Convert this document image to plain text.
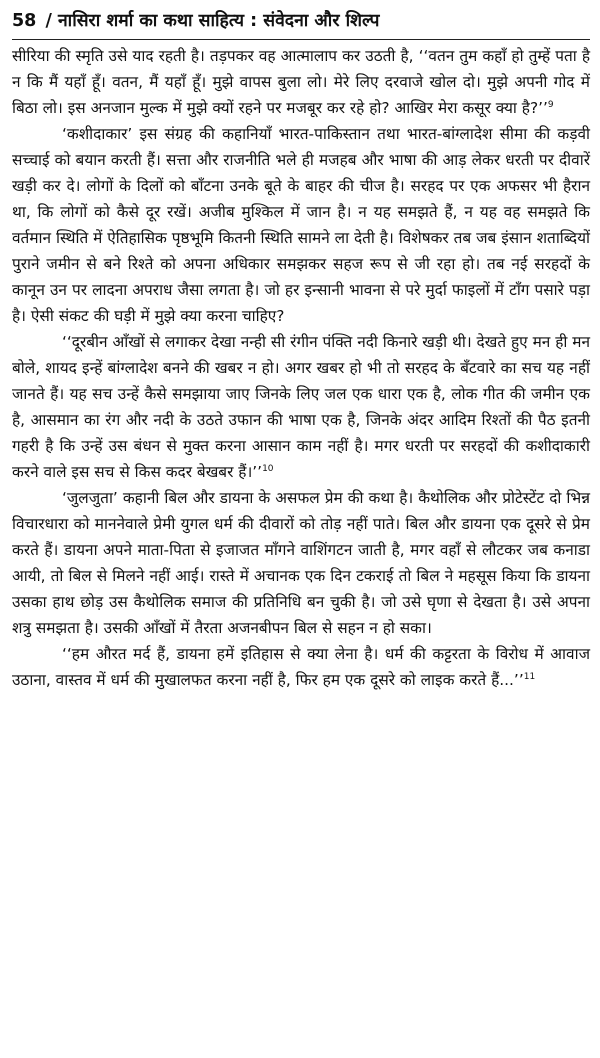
58 / नासिरा शर्मा का कथा साहित्य : संवेदना और शिल्प

सीरिया की स्मृति उसे याद रहती है। तड़पकर वह आत्मालाप कर उठती है, ‘‘वतन तुम कहाँ हो तुम्हें पता है न कि मैं यहाँ हूँ। वतन, मैं यहाँ हूँ। मुझे वापस बुला लो। मेरे लिए दरवाजे खोल दो। मुझे अपनी गोद में बिठा लो। इस अनजान मुल्क में मुझे क्यों रहने पर मजबूर कर रहे हो? आखिर मेरा कसूर क्या है?’’$^9$

‘कशीदाकार’ इस संग्रह की कहानियाँ भारत-पाकिस्तान तथा भारत-बांग्लादेश सीमा की कड़वी सच्चाई को बयान करती हैं। सत्ता और राजनीति भले ही मजहब और भाषा की आड़ लेकर धरती पर दीवारें खड़ी कर दे। लोगों के दिलों को बाँटना उनके बूते के बाहर की चीज है। सरहद पर एक अफसर भी हैरान था, कि लोगों को कैसे दूर रखें। अजीब मुश्किल में जान है। न यह समझते हैं, न यह वह समझते कि वर्तमान स्थिति में ऐतिहासिक पृष्ठभूमि कितनी स्थिति सामने ला देती है। विशेषकर तब जब इंसान शताब्दियों पुराने जमीन से बने रिश्ते को अपना अधिकार समझकर सहज रूप से जी रहा हो। तब नई सरहदों के कानून उन पर लादना अपराध जैसा लगता है। जो हर इन्सानी भावना से परे मुर्दा फाइलों में टाँग पसारे पड़ा है। ऐसी संकट की घड़ी में मुझे क्या करना चाहिए?

‘‘दूरबीन आँखों से लगाकर देखा नन्ही सी रंगीन पंक्ति नदी किनारे खड़ी थी। देखते हुए मन ही मन बोले, शायद इन्हें बांग्लादेश बनने की खबर न हो। अगर खबर हो भी तो सरहद के बँटवारे का सच यह नहीं जानते हैं। यह सच उन्हें कैसे समझाया जाए जिनके लिए जल एक धारा एक है, लोक गीत की जमीन एक है, आसमान का रंग और नदी के उठते उफान की भाषा एक है, जिनके अंदर आदिम रिश्तों की पैठ इतनी गहरी है कि उन्हें उस बंधन से मुक्त करना आसान काम नहीं है। मगर धरती पर सरहदों की कशीदाकारी करने वाले इस सच से किस कदर बेखबर हैं।’’$^{10}$

‘जुलजुता’ कहानी बिल और डायना के असफल प्रेम की कथा है। कैथोलिक और प्रोटेस्टेंट दो भिन्न विचारधारा को माननेवाले प्रेमी युगल धर्म की दीवारों को तोड़ नहीं पाते। बिल और डायना एक दूसरे से प्रेम करते हैं। डायना अपने माता-पिता से इजाजत माँगने वाशिंगटन जाती है, मगर वहाँ से लौटकर जब कनाडा आयी, तो बिल से मिलने नहीं आई। रास्ते में अचानक एक दिन टकराई तो बिल ने महसूस किया कि डायना उसका हाथ छोड़ उस कैथोलिक समाज की प्रतिनिधि बन चुकी है। जो उसे घृणा से देखता है। उसे अपना शत्रु समझता है। उसकी आँखों में तैरता अजनबीपन बिल से सहन न हो सका।

‘‘हम औरत मर्द हैं, डायना हमें इतिहास से क्या लेना है। धर्म की कट्टरता के विरोध में आवाज उठाना, वास्तव में धर्म की मुखालफत करना नहीं है, फिर हम एक दूसरे को लाइक करते हैं...’’$^{11}$
